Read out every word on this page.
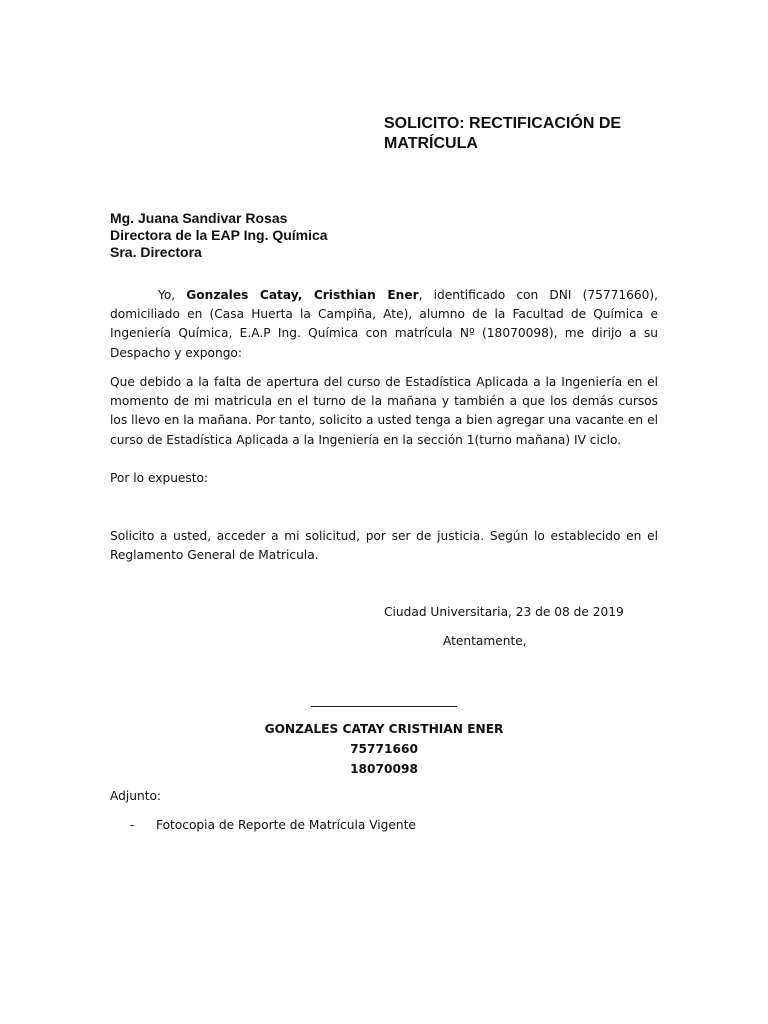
SOLICITO: RECTIFICACIÓN DE
MATRÍCULA
Mg. Juana Sandivar Rosas
Directora de la EAP Ing. Química
Sra. Directora

Yo, Gonzales Catay, Cristhian Ener, identificado con DNI (75771660), domiciliado en (Casa Huerta la Campiña, Ate), alumno de la Facultad de Química e Ingeniería Química, E.A.P Ing. Química con matrícula Nº (18070098), me dirijo a su Despacho y expongo:

Que debido a la falta de apertura del curso de Estadística Aplicada a la Ingeniería en el momento de mi matricula en el turno de la mañana y también a que los demás cursos los llevo en la mañana. Por tanto, solicito a usted tenga a bien agregar una vacante en el curso de Estadística Aplicada a la Ingeniería en la sección 1(turno mañana) IV ciclo.

Por lo expuesto:

Solicito a usted, acceder a mi solicitud, por ser de justicia. Según lo establecido en el Reglamento General de Matricula.

Ciudad Universitaria, 23 de 08 de 2019
Atentamente,
GONZALES CATAY CRISTHIAN ENER
75771660
18070098
Adjunto:
- Fotocopia de Reporte de Matrícula Vigente
